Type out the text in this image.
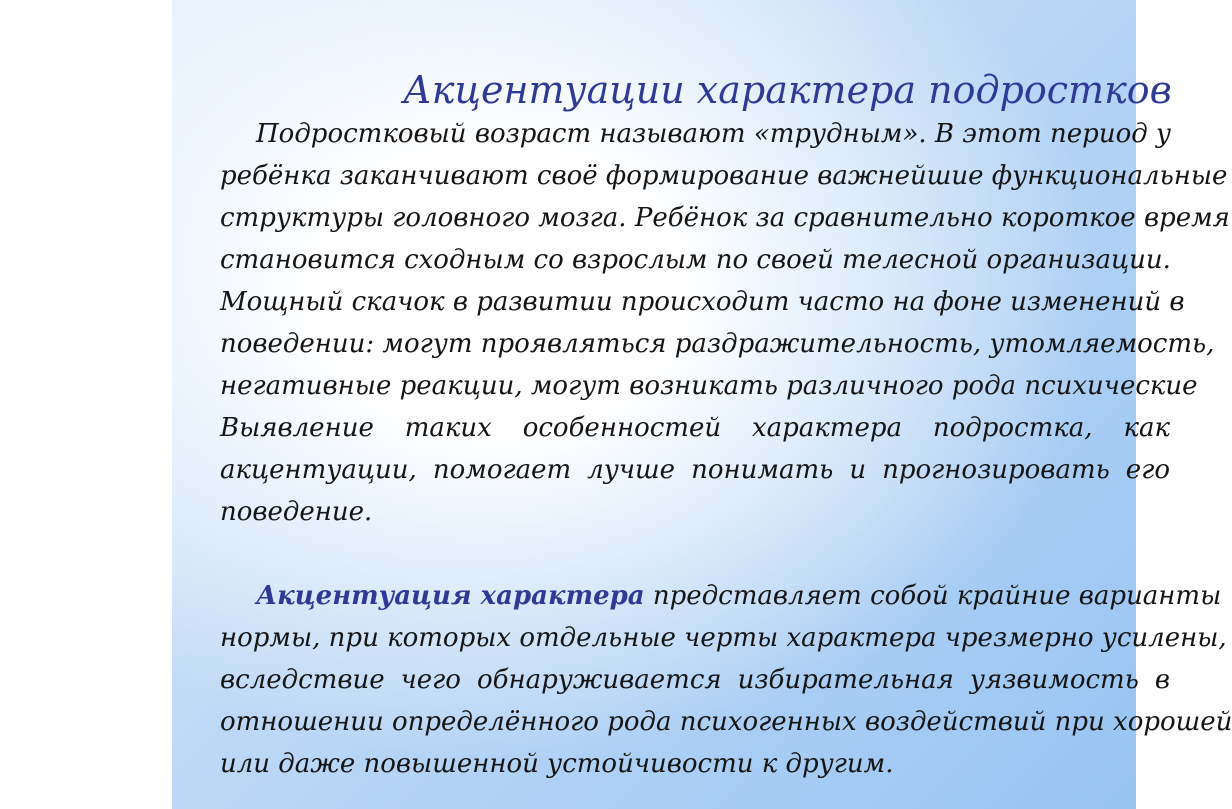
Акцентуации характера подростков

Подростковый возраст называют «трудным». В этот период у

ребёнка заканчивают своё формирование важнейшие функциональные

структуры головного мозга. Ребёнок за сравнительно короткое время

становится сходным со взрослым по своей телесной организации.

Мощный скачок в развитии происходит часто на фоне изменений в

поведении: могут проявляться раздражительность, утомляемость,

негативные реакции, могут возникать различного рода психические

Выявление таких особенностей характера подростка, как

акцентуации, помогает лучше понимать и прогнозировать его

поведение.

Акцентуация характера представляет собой крайние варианты

нормы, при которых отдельные черты характера чрезмерно усилены,

вследствие чего обнаруживается избирательная уязвимость в

отношении определённого рода психогенных воздействий при хорошей

или даже повышенной устойчивости к другим.
